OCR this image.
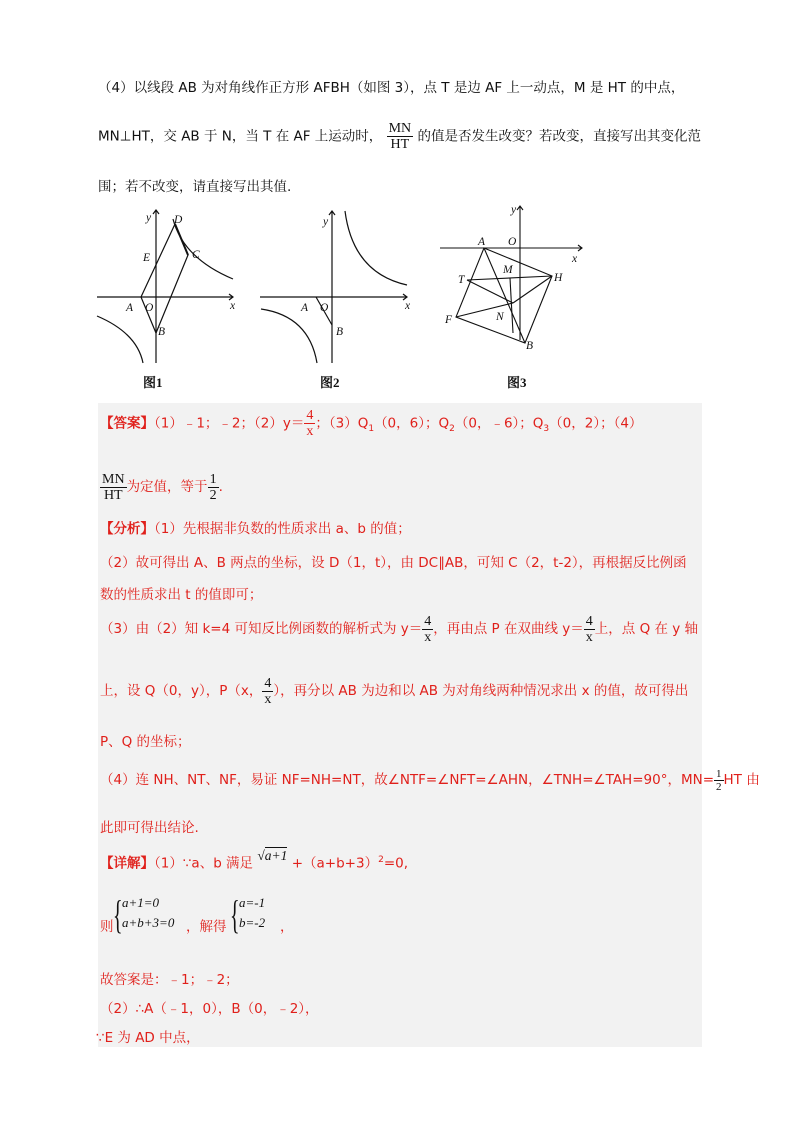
（4）以线段 AB 为对角线作正方形 AFBH（如图 3），点 T 是边 AF 上一动点，M 是 HT 的中点，
MN⊥HT，交 AB 于 N，当 T 在 AF 上运动时， $\frac{MN}{HT}$ 的值是否发生改变？若改变，直接写出其变化范
围；若不改变，请直接写出其值.
y
x
D
E	C
A O
B
图1
y
x
A O
B
图2
y
x
A O
M
H
T
F	N
B
图3
【答案】（1）﹣1；﹣2；$(2)y= \frac{4}{x}$ ；$(3)Q_1(0$，6）；$Q_2(0$，﹣6）；$Q_3(0$，2）；（4）
$\frac{MN}{HT}$ 为定值，等于 $\frac{1}{2}$ .
【分析】（1）先根据非负数的性质求出 a、b 的值；
（2）故可得出 A、B 两点的坐标，设 D（1，t），由 DC∥AB，可知 C（2，t-2），再根据反比例函
数的性质求出 t 的值即可；
（3）由（2）知 k=4 可知反比例函数的解析式为 $y= \frac{4}{x}$ ，再由点 P 在双曲线 $y= \frac{4}{x}$ 上，点 Q 在 y 轴
上，设 Q（0，y），P（x， $\frac{4}{x}$ ），再分以 AB 为边和以 AB 为对角线两种情况求出 x 的值，故可得出
P、Q 的坐标；
（4）连 NH、NT、NF，易证 NF=NH=NT，故∠NTF=∠NFT=∠AHN，∠TNH=∠TAH=90°，$MN= \frac{1}{2}$ HT 由
此即可得出结论.
【详解】（1）∵a、b 满足 $√a+1 +(a+b+3)^2=0$,
则 { a+1=0
a+b+3=0 ，解得 { a=-1
b=-2 ，
故答案是：﹣1；﹣2；
（2）∴A（﹣1，0），B（0，﹣2），
∵E 为 AD 中点，
